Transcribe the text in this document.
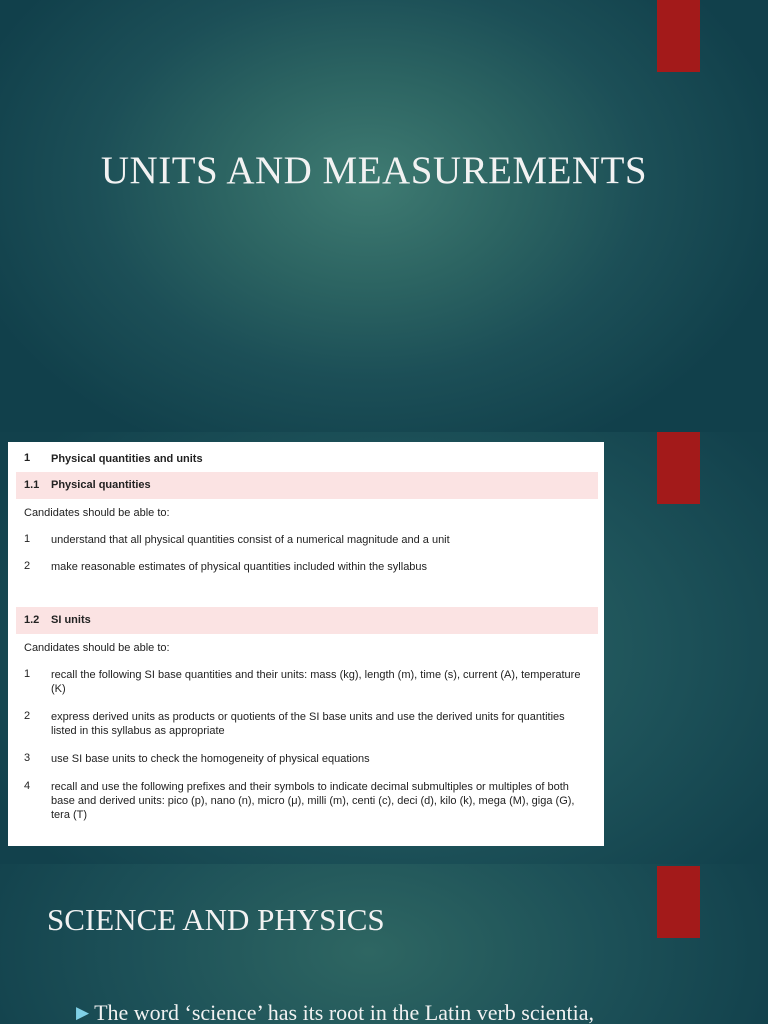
UNITS AND MEASUREMENTS
1 Physical quantities and units
1.1 Physical quantities
Candidates should be able to:
1 understand that all physical quantities consist of a numerical magnitude and a unit
2 make reasonable estimates of physical quantities included within the syllabus
1.2 SI units
Candidates should be able to:
1 recall the following SI base quantities and their units: mass (kg), length (m), time (s), current (A), temperature (K)
2 express derived units as products or quotients of the SI base units and use the derived units for quantities listed in this syllabus as appropriate
3 use SI base units to check the homogeneity of physical equations
4 recall and use the following prefixes and their symbols to indicate decimal submultiples or multiples of both base and derived units: pico (p), nano (n), micro (μ), milli (m), centi (c), deci (d), kilo (k), mega (M), giga (G), tera (T)
SCIENCE AND PHYSICS
▶ The word ‘science’ has its root in the Latin verb scientia,
